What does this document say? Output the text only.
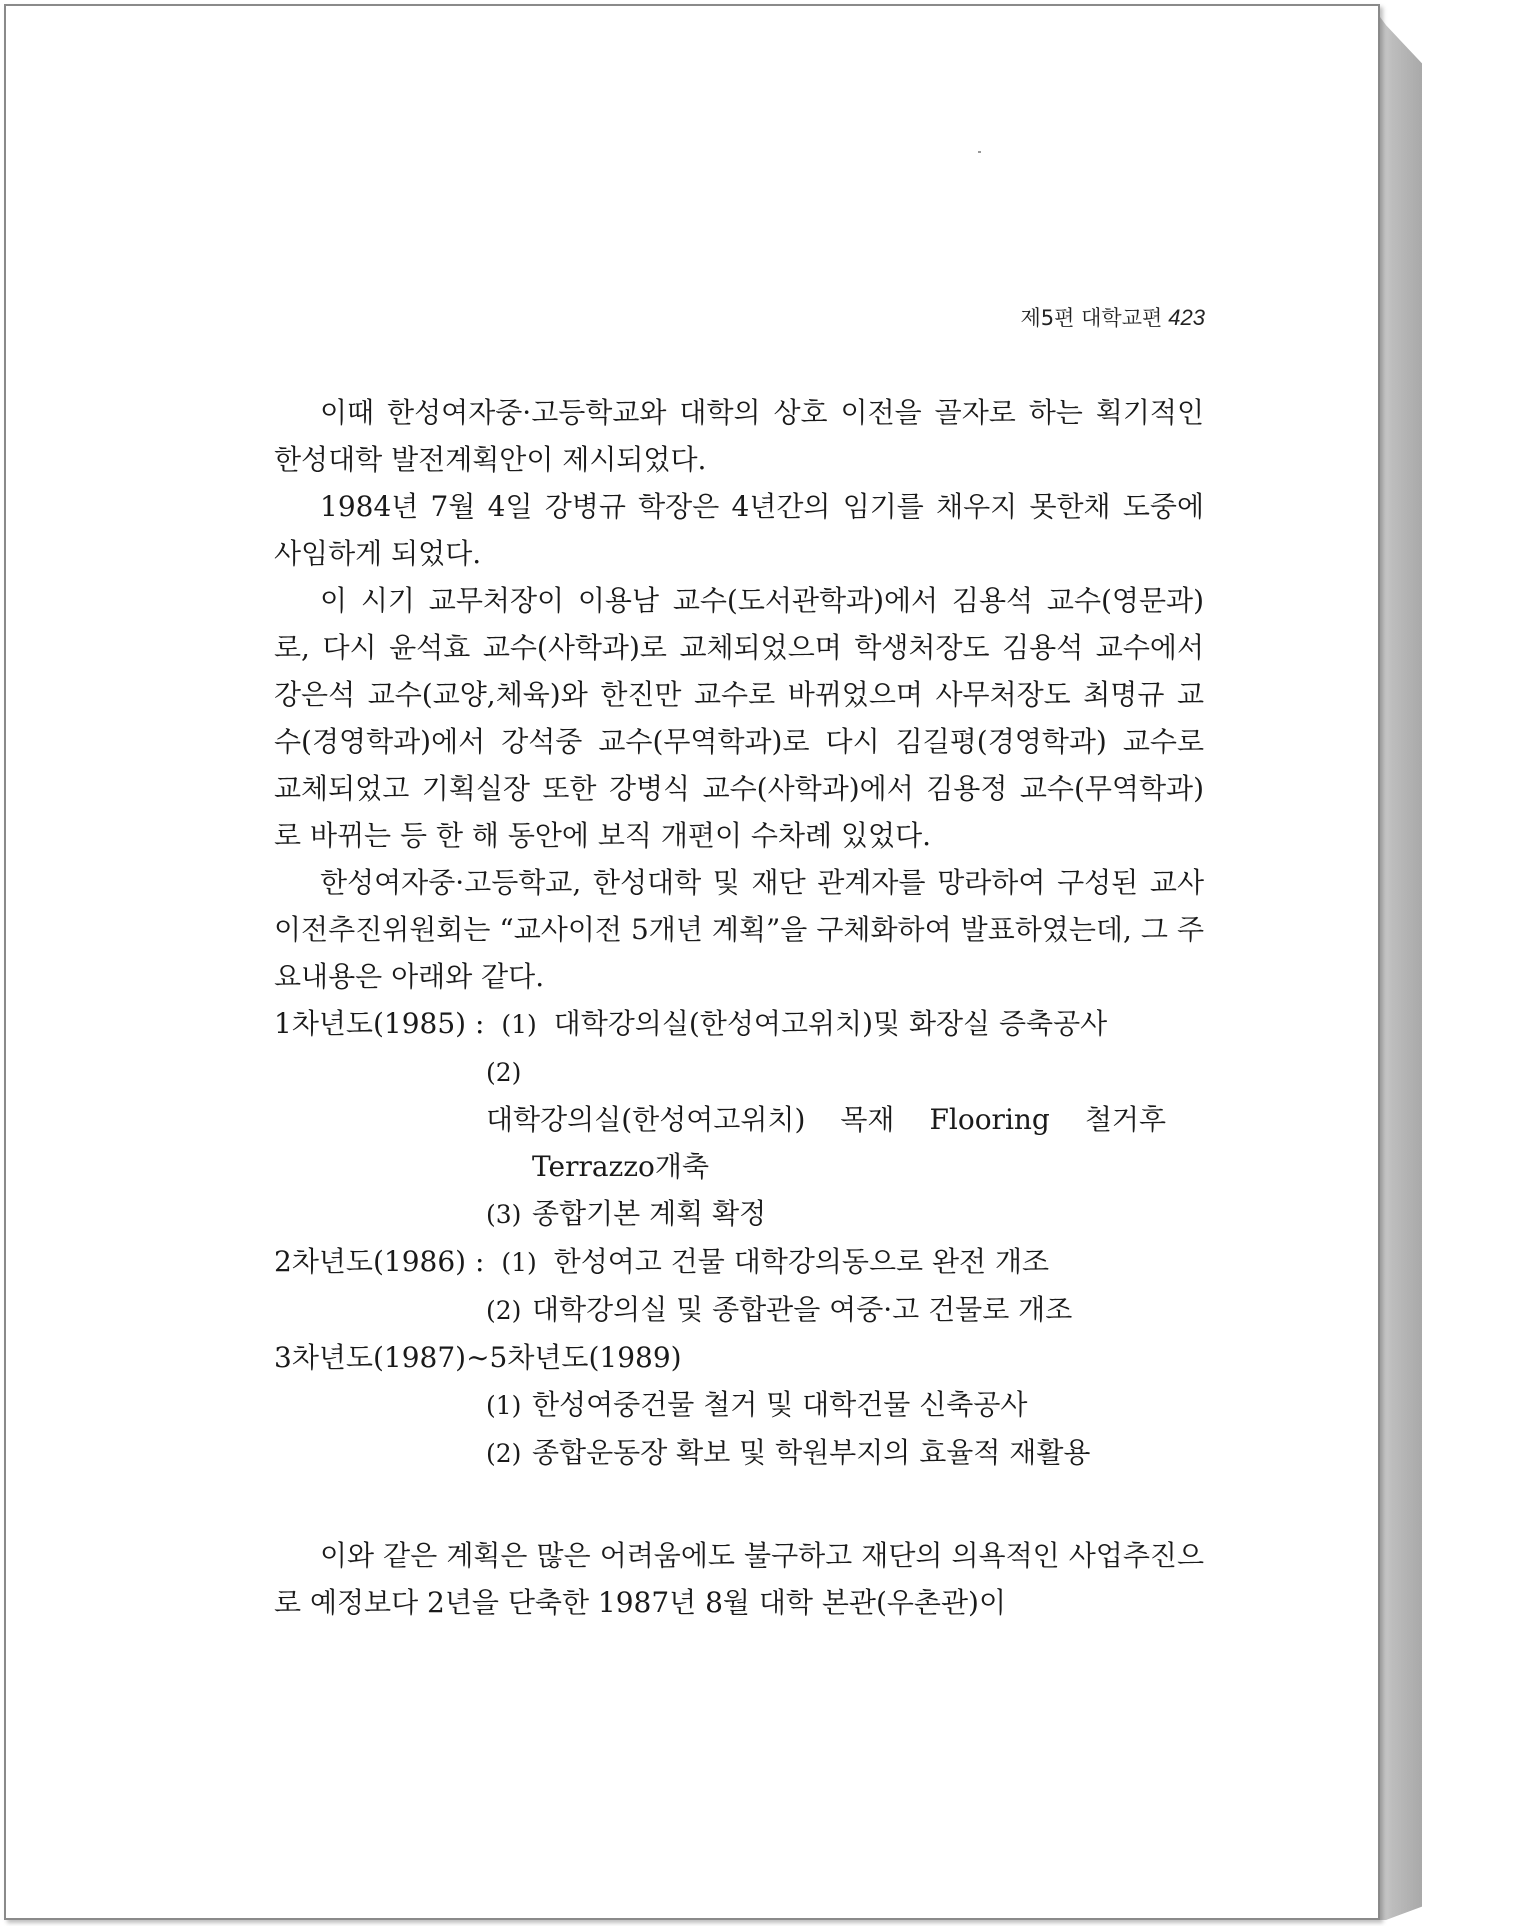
제5편 대학교편 423

이때 한성여자중·고등학교와 대학의 상호 이전을 골자로 하는 획기적인 한성대학 발전계획안이 제시되었다.

1984년 7월 4일 강병규 학장은 4년간의 임기를 채우지 못한채 도중에 사임하게 되었다.

이 시기 교무처장이 이용남 교수(도서관학과)에서 김용석 교수(영문과)로, 다시 윤석효 교수(사학과)로 교체되었으며 학생처장도 김용석 교수에서 강은석 교수(교양,체육)와 한진만 교수로 바뀌었으며 사무처장도 최명규 교수(경영학과)에서 강석중 교수(무역학과)로 다시 김길평(경영학과) 교수로 교체되었고 기획실장 또한 강병식 교수(사학과)에서 김용정 교수(무역학과)로 바뀌는 등 한 해 동안에 보직 개편이 수차례 있었다.

한성여자중·고등학교, 한성대학 및 재단 관계자를 망라하여 구성된 교사이전추진위원회는 “교사이전 5개년 계획”을 구체화하여 발표하였는데, 그 주요내용은 아래와 같다.

1차년도(1985) : (1) 대학강의실(한성여고위치)및 화장실 증축공사
(2)대학강의실(한성여고위치) 목재 Flooring 철거후
Terrazzo개축
(3) 종합기본 계획 확정
2차년도(1986) : (1) 한성여고 건물 대학강의동으로 완전 개조
(2) 대학강의실 및 종합관을 여중·고 건물로 개조
3차년도(1987)∼5차년도(1989)
(1) 한성여중건물 철거 및 대학건물 신축공사
(2) 종합운동장 확보 및 학원부지의 효율적 재활용

이와 같은 계획은 많은 어려움에도 불구하고 재단의 의욕적인 사업추진으로 예정보다 2년을 단축한 1987년 8월 대학 본관(우촌관)이
